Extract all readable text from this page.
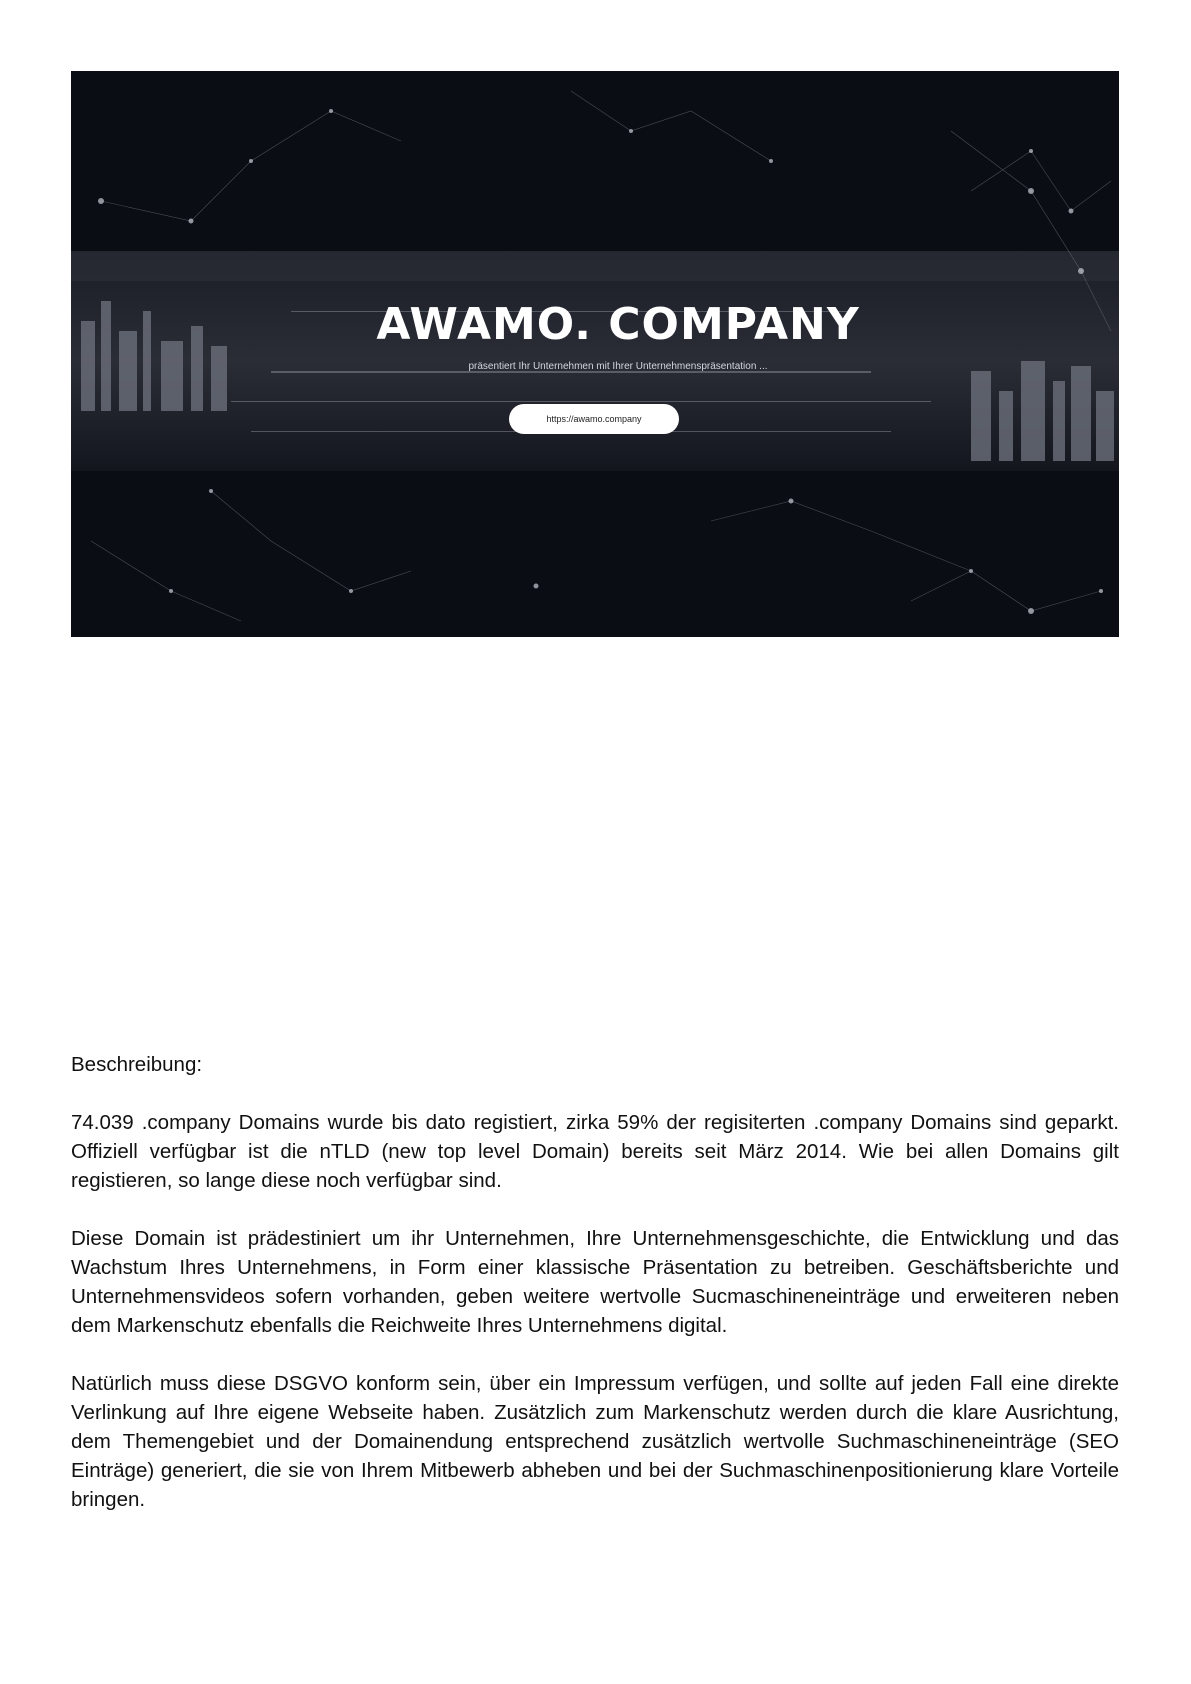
AWAMO. COMPANY
präsentiert Ihr Unternehmen mit Ihrer Unternehmenspräsentation ...
https://awamo.company
Beschreibung:

74.039 .company Domains wurde bis dato registiert, zirka 59% der regisiterten .company Domains sind geparkt. Offiziell verfügbar ist die nTLD (new top level Domain) bereits seit März 2014. Wie bei allen Domains gilt registieren, so lange diese noch verfügbar sind.

Diese Domain ist prädestiniert um ihr Unternehmen, Ihre Unternehmensgeschichte, die Entwicklung und das Wachstum Ihres Unternehmens, in Form einer klassische Präsentation zu betreiben. Geschäftsberichte und Unternehmensvideos sofern vorhanden, geben weitere wertvolle Sucmaschineneinträge und erweiteren neben dem Markenschutz ebenfalls die Reichweite Ihres Unternehmens digital.

Natürlich muss diese DSGVO konform sein, über ein Impressum verfügen, und sollte auf jeden Fall eine direkte Verlinkung auf Ihre eigene Webseite haben. Zusätzlich zum Markenschutz werden durch die klare Ausrichtung, dem Themengebiet und der Domainendung entsprechend zusätzlich wertvolle Suchmaschineneinträge (SEO Einträge) generiert, die sie von Ihrem Mitbewerb abheben und bei der Suchmaschinenpositionierung klare Vorteile bringen.
